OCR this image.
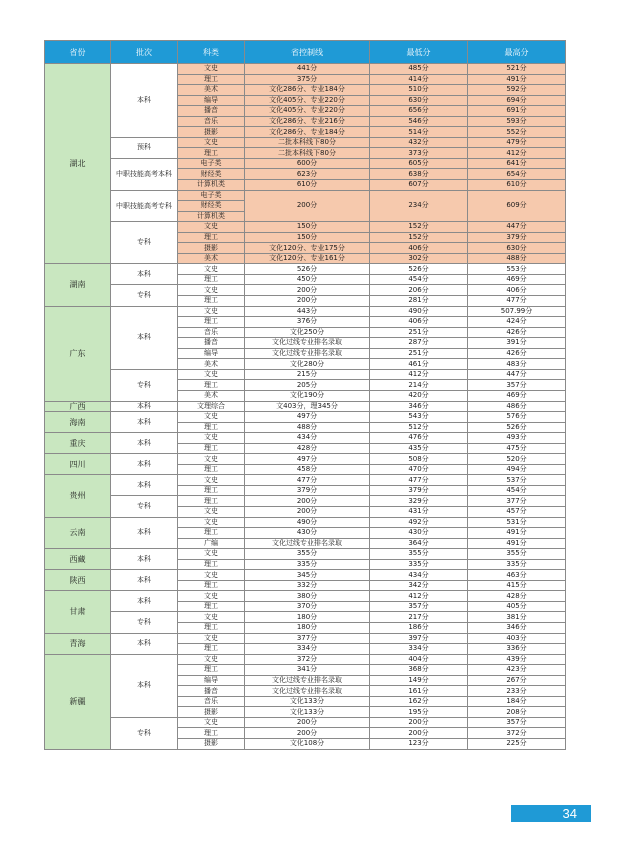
省份	批次	科类	省控制线	最低分	最高分
湖北	本科	文史	441分	485分	521分
		理工	375分	414分	491分
		美术	文化286分、专业184分	510分	592分
		编导	文化405分、专业220分	630分	694分
		播音	文化405分、专业220分	656分	691分
		音乐	文化286分、专业216分	546分	593分
		摄影	文化286分、专业184分	514分	552分
	预科	文史	二批本科线下80分	432分	479分
		理工	二批本科线下80分	373分	412分
	中职技能高考本科	电子类	600分	605分	641分
		财经类	623分	638分	654分
		计算机类	610分	607分	610分
	中职技能高考专科	电子类	200分	234分	609分
		财经类			
		计算机类			
	专科	文史	150分	152分	447分
		理工	150分	152分	379分
		摄影	文化120分、专业175分	406分	630分
		美术	文化120分、专业161分	302分	488分
湖南	本科	文史	526分	526分	553分
		理工	450分	454分	469分
	专科	文史	200分	206分	406分
		理工	200分	281分	477分
广东	本科	文史	443分	490分	507.99分
		理工	376分	406分	424分
		音乐	文化250分	251分	426分
		播音	文化过线专业排名录取	287分	391分
		编导	文化过线专业排名录取	251分	426分
		美术	文化280分	461分	483分
	专科	文史	215分	412分	447分
		理工	205分	214分	357分
		美术	文化190分	420分	469分
广西	本科	文理综合	文403分，理345分	346分	486分
海南	本科	文史	497分	543分	576分
		理工	488分	512分	526分
重庆	本科	文史	434分	476分	493分
		理工	428分	435分	475分
四川	本科	文史	497分	508分	520分
		理工	458分	470分	494分
贵州	本科	文史	477分	477分	537分
		理工	379分	379分	454分
	专科	理工	200分	329分	377分
		文史	200分	431分	457分
云南	本科	文史	490分	492分	531分
		理工	430分	430分	491分
		广编	文化过线专业排名录取	364分	491分
西藏	本科	文史	355分	355分	355分
		理工	335分	335分	335分
陕西	本科	文史	345分	434分	463分
		理工	332分	342分	415分
甘肃	本科	文史	380分	412分	428分
		理工	370分	357分	405分
	专科	文史	180分	217分	381分
		理工	180分	186分	346分
青海	本科	文史	377分	397分	403分
		理工	334分	334分	336分
新疆	本科	文史	372分	404分	439分
		理工	341分	368分	423分
		编导	文化过线专业排名录取	149分	267分
		播音	文化过线专业排名录取	161分	233分
		音乐	文化133分	162分	184分
		摄影	文化133分	195分	208分
	专科	文史	200分	200分	357分
		理工	200分	200分	372分
		摄影	文化108分	123分	225分
34
